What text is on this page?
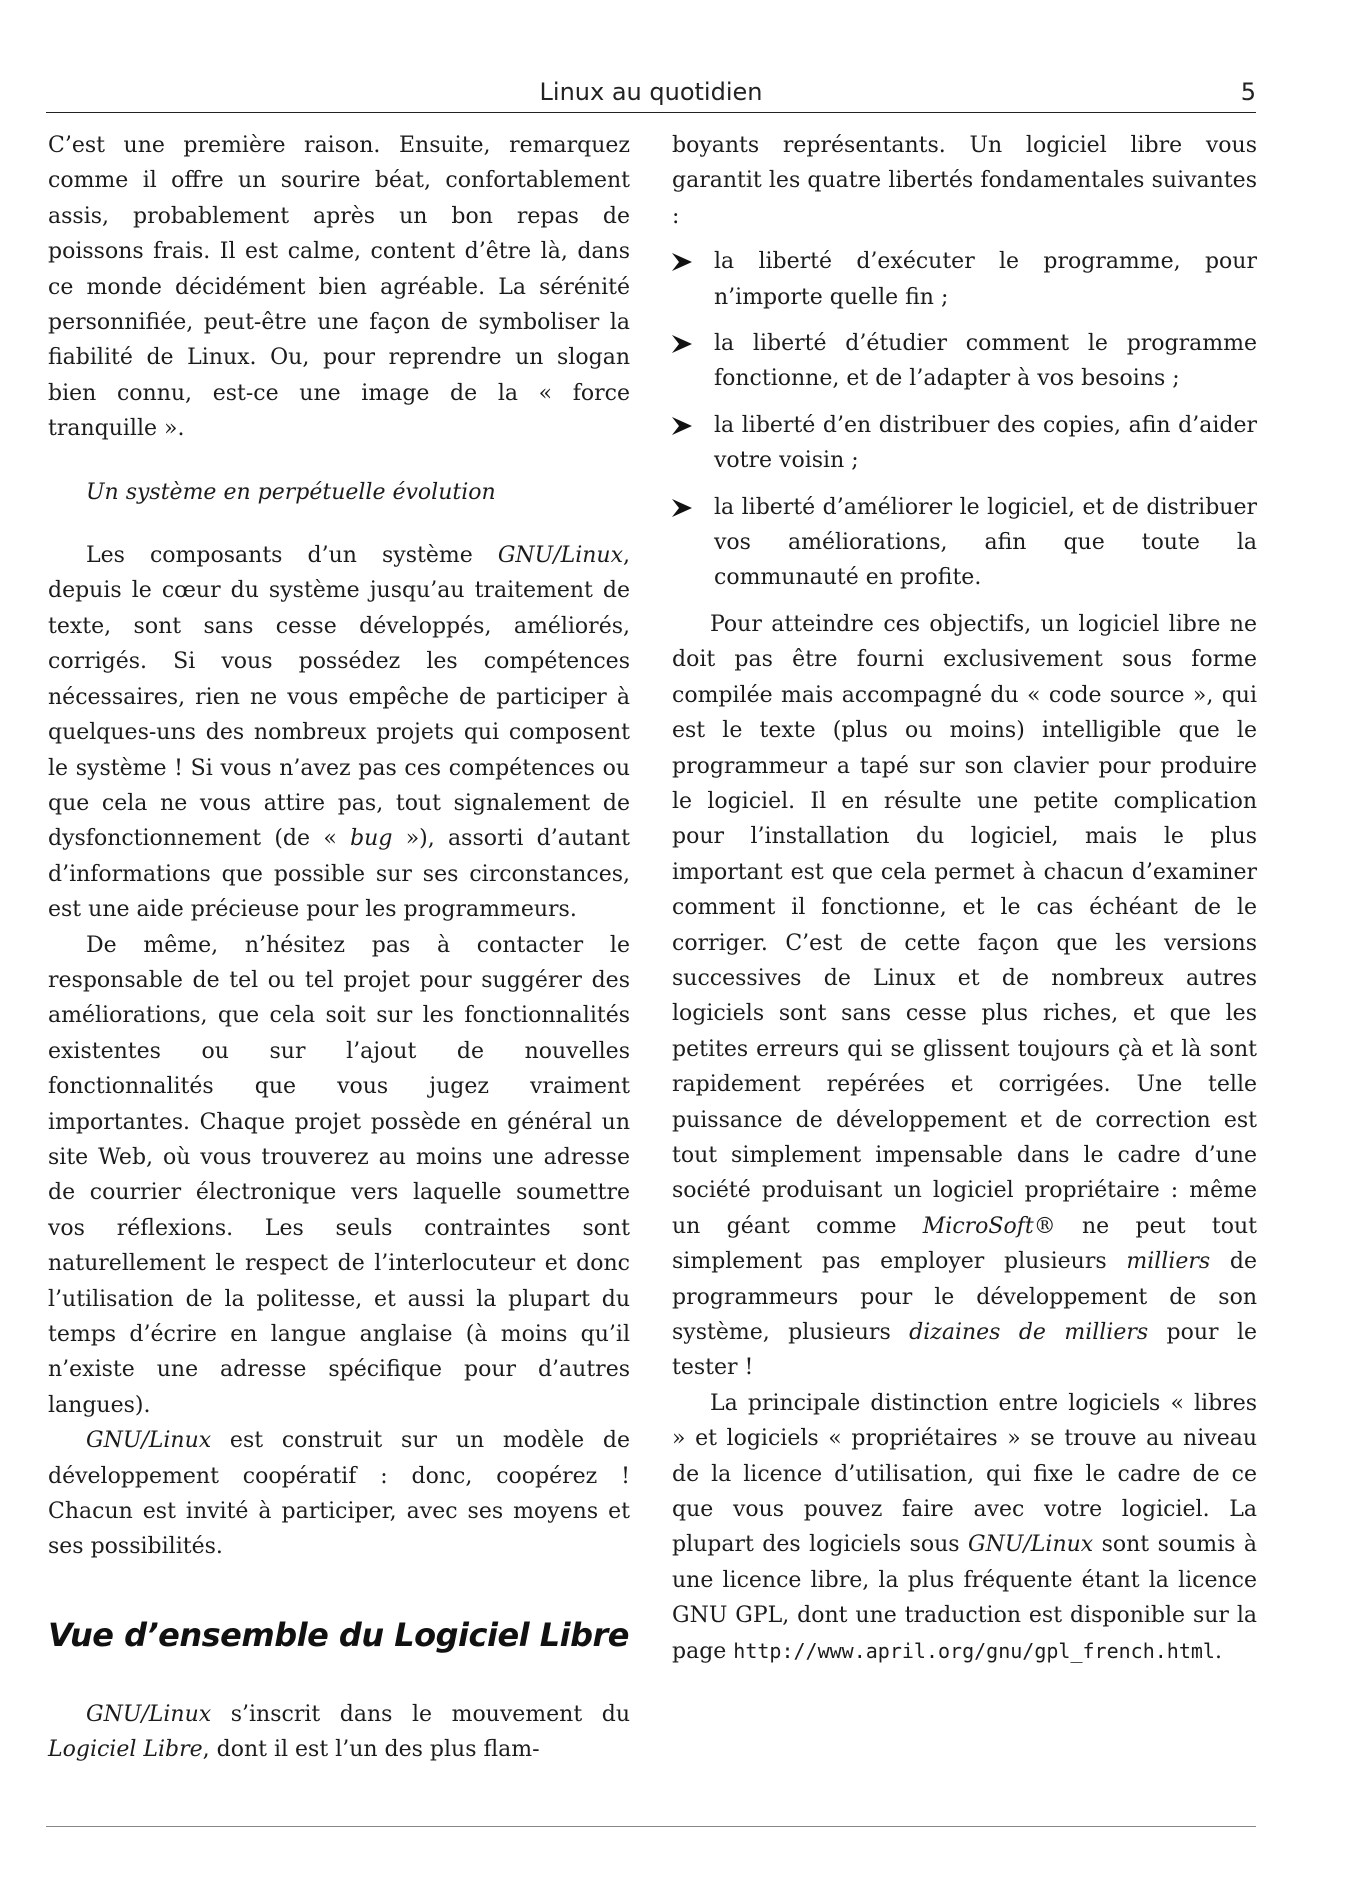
Linux au quotidien	5

C’est une première raison. Ensuite, remarquez comme il offre un sourire béat, confortablement assis, probablement après un bon repas de poissons frais. Il est calme, content d’être là, dans ce monde décidément bien agréable. La sérénité personnifiée, peut-être une façon de symboliser la fiabilité de Linux. Ou, pour reprendre un slogan bien connu, est-ce une image de la « force tranquille ».

Un système en perpétuelle évolution

Les composants d’un système GNU/Linux, depuis le cœur du système jusqu’au traitement de texte, sont sans cesse développés, améliorés, corrigés. Si vous possédez les compétences nécessaires, rien ne vous empêche de participer à quelques-uns des nombreux projets qui composent le système ! Si vous n’avez pas ces compétences ou que cela ne vous attire pas, tout signalement de dysfonctionnement (de « bug »), assorti d’autant d’informations que possible sur ses circonstances, est une aide précieuse pour les programmeurs.

De même, n’hésitez pas à contacter le responsable de tel ou tel projet pour suggérer des améliorations, que cela soit sur les fonctionnalités existentes ou sur l’ajout de nouvelles fonctionnalités que vous jugez vraiment importantes. Chaque projet possède en général un site Web, où vous trouverez au moins une adresse de courrier électronique vers laquelle soumettre vos réflexions. Les seuls contraintes sont naturellement le respect de l’interlocuteur et donc l’utilisation de la politesse, et aussi la plupart du temps d’écrire en langue anglaise (à moins qu’il n’existe une adresse spécifique pour d’autres langues).

GNU/Linux est construit sur un modèle de développement coopératif : donc, coopérez ! Chacun est invité à participer, avec ses moyens et ses possibilités.

Vue d’ensemble du Logiciel Libre

GNU/Linux s’inscrit dans le mouvement du Logiciel Libre, dont il est l’un des plus flam-

boyants représentants. Un logiciel libre vous garantit les quatre libertés fondamentales suivantes :

la liberté d’exécuter le programme, pour n’importe quelle fin ;
la liberté d’étudier comment le programme fonctionne, et de l’adapter à vos besoins ;
la liberté d’en distribuer des copies, afin d’aider votre voisin ;
la liberté d’améliorer le logiciel, et de distribuer vos améliorations, afin que toute la communauté en profite.

Pour atteindre ces objectifs, un logiciel libre ne doit pas être fourni exclusivement sous forme compilée mais accompagné du « code source », qui est le texte (plus ou moins) intelligible que le programmeur a tapé sur son clavier pour produire le logiciel. Il en résulte une petite complication pour l’installation du logiciel, mais le plus important est que cela permet à chacun d’examiner comment il fonctionne, et le cas échéant de le corriger. C’est de cette façon que les versions successives de Linux et de nombreux autres logiciels sont sans cesse plus riches, et que les petites erreurs qui se glissent toujours çà et là sont rapidement repérées et corrigées. Une telle puissance de développement et de correction est tout simplement impensable dans le cadre d’une société produisant un logiciel propriétaire : même un géant comme MicroSoft® ne peut tout simplement pas employer plusieurs milliers de programmeurs pour le développement de son système, plusieurs dizaines de milliers pour le tester !

La principale distinction entre logiciels « libres » et logiciels « propriétaires » se trouve au niveau de la licence d’utilisation, qui fixe le cadre de ce que vous pouvez faire avec votre logiciel. La plupart des logiciels sous GNU/Linux sont soumis à une licence libre, la plus fréquente étant la licence GNU GPL, dont une traduction est disponible sur la page http://www.april.org/gnu/gpl_french.html.
